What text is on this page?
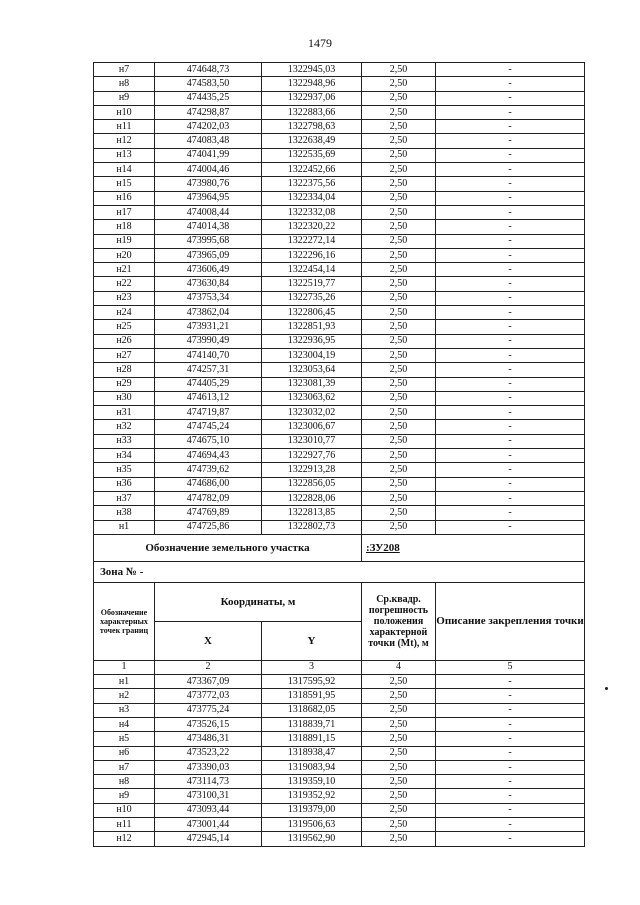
1479
н7	474648,73	1322945,03	2,50	-
н8	474583,50	1322948,96	2,50	-
н9	474435,25	1322937,06	2,50	-
н10	474298,87	1322883,66	2,50	-
н11	474202,03	1322798,63	2,50	-
н12	474083,48	1322638,49	2,50	-
н13	474041,99	1322535,69	2,50	-
н14	474004,46	1322452,66	2,50	-
н15	473980,76	1322375,56	2,50	-
н16	473964,95	1322334,04	2,50	-
н17	474008,44	1322332,08	2,50	-
н18	474014,38	1322320,22	2,50	-
н19	473995,68	1322272,14	2,50	-
н20	473965,09	1322296,16	2,50	-
н21	473606,49	1322454,14	2,50	-
н22	473630,84	1322519,77	2,50	-
н23	473753,34	1322735,26	2,50	-
н24	473862,04	1322806,45	2,50	-
н25	473931,21	1322851,93	2,50	-
н26	473990,49	1322936,95	2,50	-
н27	474140,70	1323004,19	2,50	-
н28	474257,31	1323053,64	2,50	-
н29	474405,29	1323081,39	2,50	-
н30	474613,12	1323063,62	2,50	-
н31	474719,87	1323032,02	2,50	-
н32	474745,24	1323006,67	2,50	-
н33	474675,10	1323010,77	2,50	-
н34	474694,43	1322927,76	2,50	-
н35	474739,62	1322913,28	2,50	-
н36	474686,00	1322856,05	2,50	-
н37	474782,09	1322828,06	2,50	-
н38	474769,89	1322813,85	2,50	-
н1	474725,86	1322802,73	2,50	-
Обозначение земельного участка			:ЗУ208	
Зона № -				
Обозначение характерных точек границ	Координаты, м		Ср.квадр. погрешность положения характерной точки (Mt), м	Описание закрепления точки
	X	Y		
1	2	3	4	5
н1	473367,09	1317595,92	2,50	-
н2	473772,03	1318591,95	2,50	-
н3	473775,24	1318682,05	2,50	-
н4	473526,15	1318839,71	2,50	-
н5	473486,31	1318891,15	2,50	-
н6	473523,22	1318938,47	2,50	-
н7	473390,03	1319083,94	2,50	-
н8	473114,73	1319359,10	2,50	-
н9	473100,31	1319352,92	2,50	-
н10	473093,44	1319379,00	2,50	-
н11	473001,44	1319506,63	2,50	-
н12	472945,14	1319562,90	2,50	-
